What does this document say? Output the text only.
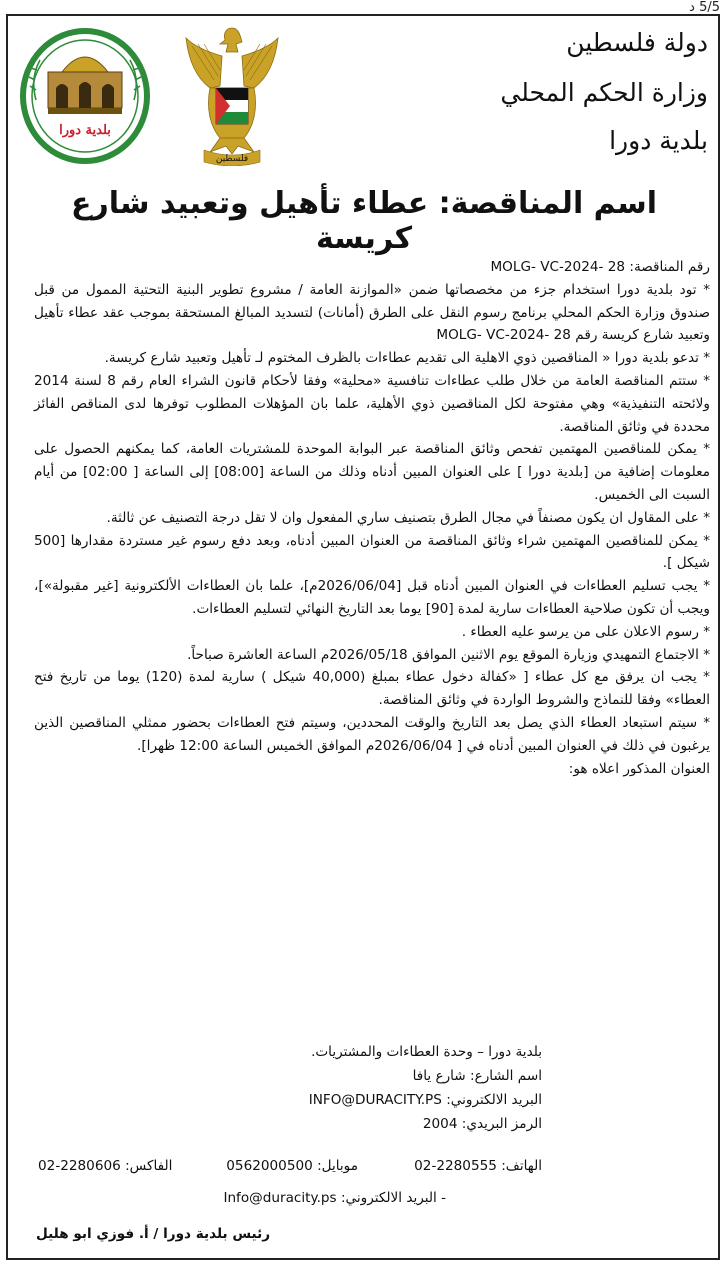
5/5 د
دولة فلسطين
وزارة الحكم المحلي
بلدية دورا
فلسطين
بلدية دورا
اسم المناقصة: عطاء تأهيل وتعبيد شارع كريسة

رقم المناقصة: 28 -MOLG- VC-2024

* تود بلدية دورا استخدام جزء من مخصصاتها ضمن «الموازنة العامة / مشروع تطوير البنية التحتية الممول من قبل صندوق وزارة الحكم المحلي برنامج رسوم النقل على الطرق (أمانات) لتسديد المبالغ المستحقة بموجب عقد عطاء تأهيل وتعبيد شارع كريسة رقم 28 -MOLG- VC-2024

* تدعو بلدية دورا « المناقصين ذوي الاهلية الى تقديم عطاءات بالظرف المختوم لـ تأهيل وتعبيد شارع كريسة.

* ستتم المناقصة العامة من خلال طلب عطاءات تنافسية «محلية» وفقا لأحكام قانون الشراء العام رقم 8 لسنة 2014 ولائحته التنفيذية» وهي مفتوحة لكل المناقصين ذوي الأهلية، علما بان المؤهلات المطلوب توفرها لدى المناقص الفائز محددة في وثائق المناقصة.

* يمكن للمناقصين المهتمين تفحص وثائق المناقصة عبر البوابة الموحدة للمشتريات العامة، كما يمكنهم الحصول على معلومات إضافية من [بلدية دورا ] على العنوان المبين أدناه وذلك من الساعة [08:00] إلى الساعة [ 02:00] من أيام السبت الى الخميس.

* على المقاول ان يكون مصنفاً في مجال الطرق بتصنيف ساري المفعول وان لا تقل درجة التصنيف عن ثالثة.

* يمكن للمناقصين المهتمين شراء وثائق المناقصة من العنوان المبين أدناه، وبعد دفع رسوم غير مستردة مقدارها [500 شيكل ].

* يجب تسليم العطاءات في العنوان المبين أدناه قبل [2026/06/04م]، علما بان العطاءات الألكترونية [غير مقبولة»]، ويجب أن تكون صلاحية العطاءات سارية لمدة [90] يوما بعد التاريخ النهائي لتسليم العطاءات.

* رسوم الاعلان على من يرسو عليه العطاء .

* الاجتماع التمهيدي وزيارة الموقع يوم الاثنين الموافق 2026/05/18م الساعة العاشرة صباحاً.

* يجب ان يرفق مع كل عطاء [ «كفالة دخول عطاء بمبلغ (40,000 شيكل ) سارية لمدة (120) يوما من تاريخ فتح العطاء» وفقا للنماذج والشروط الواردة في وثائق المناقصة.

* سيتم استبعاد العطاء الذي يصل بعد التاريخ والوقت المحددين، وسيتم فتح العطاءات بحضور ممثلي المناقصين الذين يرغبون في ذلك في العنوان المبين أدناه في [ 2026/06/04م الموافق الخميس الساعة 12:00 ظهرا].

العنوان المذكور اعلاه هو:

بلدية دورا – وحدة العطاءات والمشتريات.
اسم الشارع: شارع يافا
البريد الالكتروني: INFO@DURACITY.PS
الرمز البريدي: 2004
الهاتف: 2280555-02
موبايل: 0562000500
الفاكس: 2280606-02
- البريد الالكتروني: Info@duracity.ps
رئيس بلدية دورا / أ. فوزي ابو هليل
